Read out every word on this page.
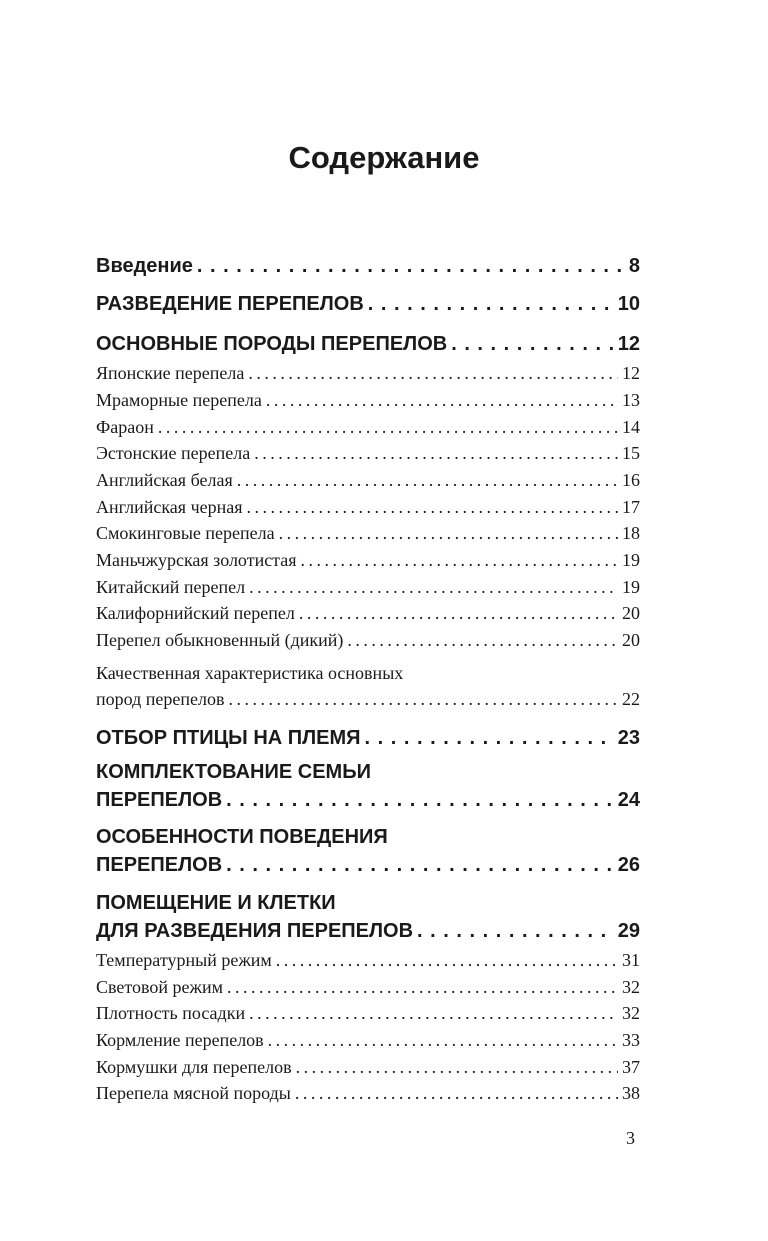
Содержание
Введение . . .	8
РАЗВЕДЕНИЕ ПЕРЕПЕЛОВ . . .	10
ОСНОВНЫЕ ПОРОДЫ ПЕРЕПЕЛОВ . . .	12
Японские перепела . . .	12
Мраморные перепела . . .	13
Фараон . . .	14
Эстонские перепела . . .	15
Английская белая . . .	16
Английская черная . . .	17
Смокинговые перепела . . .	18
Маньчжурская золотистая . . .	19
Китайский перепел . . .	19
Калифорнийский перепел . . .	20
Перепел обыкновенный (дикий) . . .	20
Качественная характеристика основных
пород перепелов . . .	22
ОТБОР ПТИЦЫ НА ПЛЕМЯ . . .	23
КОМПЛЕКТОВАНИЕ СЕМЬИ
ПЕРЕПЕЛОВ . . .	24
ОСОБЕННОСТИ ПОВЕДЕНИЯ
ПЕРЕПЕЛОВ . . .	26
ПОМЕЩЕНИЕ И КЛЕТКИ
ДЛЯ РАЗВЕДЕНИЯ ПЕРЕПЕЛОВ . . .	29
Температурный режим . . .	31
Световой режим . . .	32
Плотность посадки . . .	32
Кормление перепелов . . .	33
Кормушки для перепелов . . .	37
Перепела мясной породы . . .	38
3
